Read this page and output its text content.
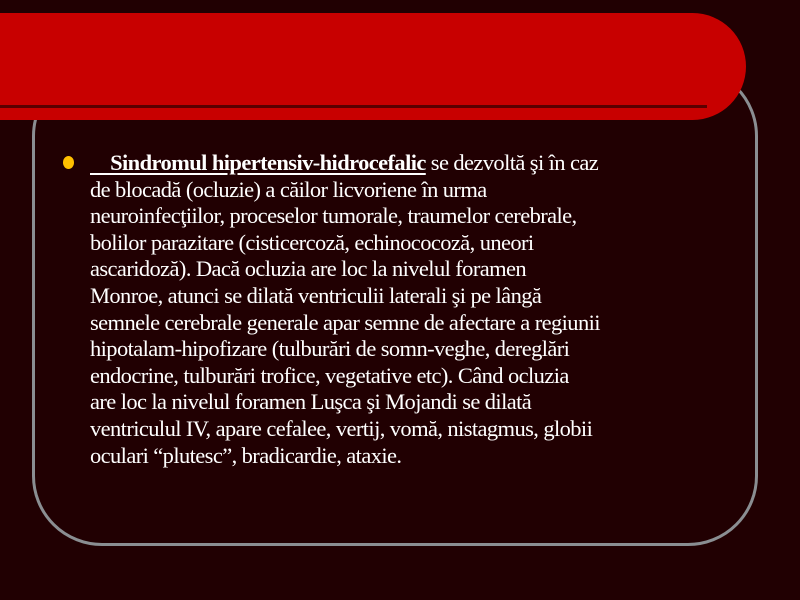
Sindromul hipertensiv-hidrocefalic se dezvoltă şi în caz
de blocadă (ocluzie) a căilor licvoriene în urma
neuroinfecţiilor, proceselor tumorale, traumelor cerebrale,
bolilor parazitare (cisticercoză, echinococoză, uneori
ascaridoză). Dacă ocluzia are loc la nivelul foramen
Monroe, atunci se dilată ventriculii laterali şi pe lângă
semnele cerebrale generale apar semne de afectare a regiunii
hipotalam-hipofizare (tulburări de somn-veghe, dereglări
endocrine, tulburări trofice, vegetative etc). Când ocluzia
are loc la nivelul foramen Luşca şi Mojandi se dilată
ventriculul IV, apare cefalee, vertij, vomă, nistagmus, globii
oculari “plutesc”, bradicardie, ataxie.
